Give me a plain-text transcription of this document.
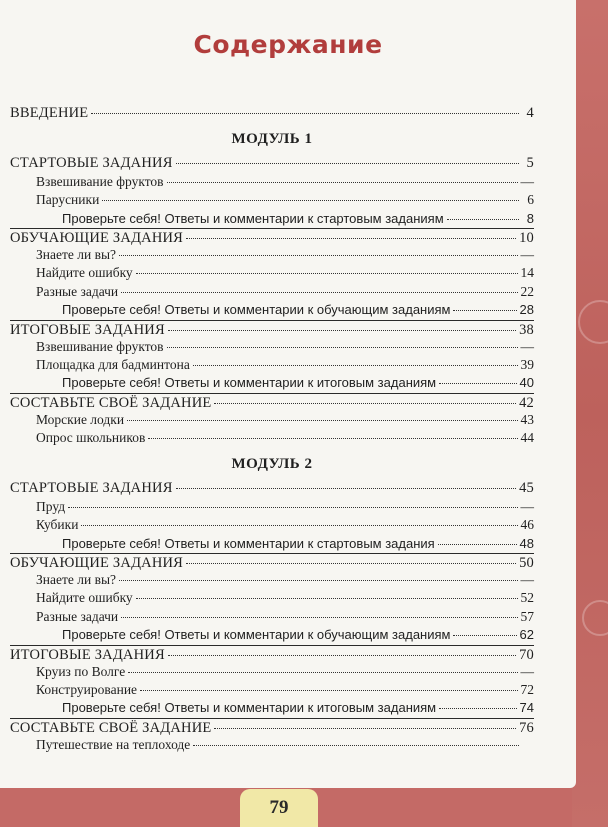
Содержание
ВВЕДЕНИЕ	4
МОДУЛЬ 1
СТАРТОВЫЕ ЗАДАНИЯ	5
Взвешивание фруктов	—
Парусники	6
Проверьте себя! Ответы и комментарии к стартовым заданиям	8
ОБУЧАЮЩИЕ ЗАДАНИЯ	10
Знаете ли вы?	—
Найдите ошибку	14
Разные задачи	22
Проверьте себя! Ответы и комментарии к обучающим заданиям	28
ИТОГОВЫЕ ЗАДАНИЯ	38
Взвешивание фруктов	—
Площадка для бадминтона	39
Проверьте себя! Ответы и комментарии к итоговым заданиям	40
СОСТАВЬТЕ СВОЁ ЗАДАНИЕ	42
Морские лодки	43
Опрос школьников	44
МОДУЛЬ 2
СТАРТОВЫЕ ЗАДАНИЯ	45
Пруд	—
Кубики	46
Проверьте себя! Ответы и комментарии к стартовым задания	48
ОБУЧАЮЩИЕ ЗАДАНИЯ	50
Знаете ли вы?	—
Найдите ошибку	52
Разные задачи	57
Проверьте себя! Ответы и комментарии к обучающим заданиям	62
ИТОГОВЫЕ ЗАДАНИЯ	70
Круиз по Волге	—
Конструирование	72
Проверьте себя! Ответы и комментарии к итоговым заданиям	74
СОСТАВЬТЕ СВОЁ ЗАДАНИЕ	76
Путешествие на теплоходе
79
